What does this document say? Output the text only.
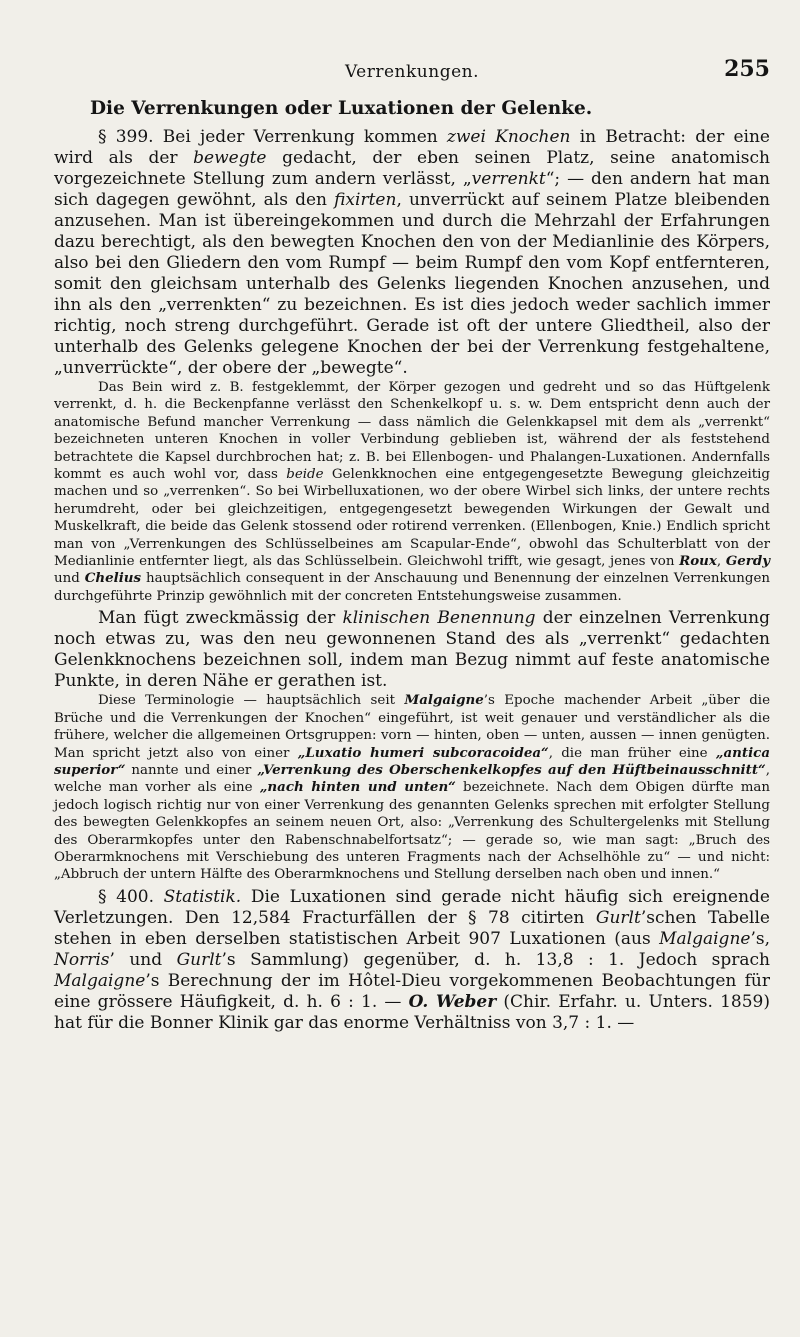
Verrenkungen.	255
Die Verrenkungen oder Luxationen der Gelenke.

§ 399. Bei jeder Verrenkung kommen zwei Knochen in Betracht: der eine wird als der bewegte gedacht, der eben seinen Platz, seine anatomisch vorgezeichnete Stellung zum andern verlässt, „verrenkt“; — den andern hat man sich dagegen gewöhnt, als den fixirten, unverrückt auf seinem Platze bleibenden anzusehen. Man ist übereingekommen und durch die Mehrzahl der Erfahrungen dazu berechtigt, als den bewegten Knochen den von der Medianlinie des Körpers, also bei den Gliedern den vom Rumpf — beim Rumpf den vom Kopf entfernteren, somit den gleichsam unterhalb des Gelenks liegenden Knochen anzusehen, und ihn als den „verrenkten“ zu bezeichnen. Es ist dies jedoch weder sachlich immer richtig, noch streng durchgeführt. Gerade ist oft der untere Gliedtheil, also der unterhalb des Gelenks gelegene Knochen der bei der Verrenkung festgehaltene, „unverrückte“, der obere der „bewegte“.

Das Bein wird z. B. festgeklemmt, der Körper gezogen und gedreht und so das Hüftgelenk verrenkt, d. h. die Beckenpfanne verlässt den Schenkelkopf u. s. w. Dem entspricht denn auch der anatomische Befund mancher Verrenkung — dass nämlich die Gelenkkapsel mit dem als „verrenkt“ bezeichneten unteren Knochen in voller Verbindung geblieben ist, während der als feststehend betrachtete die Kapsel durchbrochen hat; z. B. bei Ellenbogen- und Phalangen-Luxationen. Andernfalls kommt es auch wohl vor, dass beide Gelenkknochen eine entgegengesetzte Bewegung gleichzeitig machen und so „verrenken“. So bei Wirbelluxationen, wo der obere Wirbel sich links, der untere rechts herumdreht, oder bei gleichzeitigen, entgegengesetzt bewegenden Wirkungen der Gewalt und Muskelkraft, die beide das Gelenk stossend oder rotirend verrenken. (Ellenbogen, Knie.) Endlich spricht man von „Verrenkungen des Schlüsselbeines am Scapular-Ende“, obwohl das Schulterblatt von der Medianlinie entfernter liegt, als das Schlüsselbein. Gleichwohl trifft, wie gesagt, jenes von Roux, Gerdy und Chelius hauptsächlich consequent in der Anschauung und Benennung der einzelnen Verrenkungen durchgeführte Prinzip gewöhnlich mit der concreten Entstehungsweise zusammen.

Man fügt zweckmässig der klinischen Benennung der einzelnen Verrenkung noch etwas zu, was den neu gewonnenen Stand des als „verrenkt“ gedachten Gelenkknochens bezeichnen soll, indem man Bezug nimmt auf feste anatomische Punkte, in deren Nähe er gerathen ist.

Diese Terminologie — hauptsächlich seit Malgaigne’s Epoche machender Arbeit „über die Brüche und die Verrenkungen der Knochen“ eingeführt, ist weit genauer und verständlicher als die frühere, welcher die allgemeinen Ortsgruppen: vorn — hinten, oben — unten, aussen — innen genügten. Man spricht jetzt also von einer „Luxatio humeri subcoracoidea“, die man früher eine „antica superior“ nannte und einer „Verrenkung des Oberschenkelkopfes auf den Hüftbeinausschnitt“, welche man vorher als eine „nach hinten und unten“ bezeichnete. Nach dem Obigen dürfte man jedoch logisch richtig nur von einer Verrenkung des genannten Gelenks sprechen mit erfolgter Stellung des bewegten Gelenkkopfes an seinem neuen Ort, also: „Verrenkung des Schultergelenks mit Stellung des Oberarmkopfes unter den Rabenschnabelfortsatz“; — gerade so, wie man sagt: „Bruch des Oberarmknochens mit Verschiebung des unteren Fragments nach der Achselhöhle zu“ — und nicht: „Abbruch der untern Hälfte des Oberarmknochens und Stellung derselben nach oben und innen.“

§ 400. Statistik. Die Luxationen sind gerade nicht häufig sich ereignende Verletzungen. Den 12,584 Fracturfällen der § 78 citirten Gurlt’schen Tabelle stehen in eben derselben statistischen Arbeit 907 Luxationen (aus Malgaigne’s, Norris’ und Gurlt’s Sammlung) gegenüber, d. h. 13,8 : 1. Jedoch sprach Malgaigne’s Berechnung der im Hôtel-Dieu vorgekommenen Beobachtungen für eine grössere Häufigkeit, d. h. 6 : 1. — O. Weber (Chir. Erfahr. u. Unters. 1859) hat für die Bonner Klinik gar das enorme Verhältniss von 3,7 : 1. —
